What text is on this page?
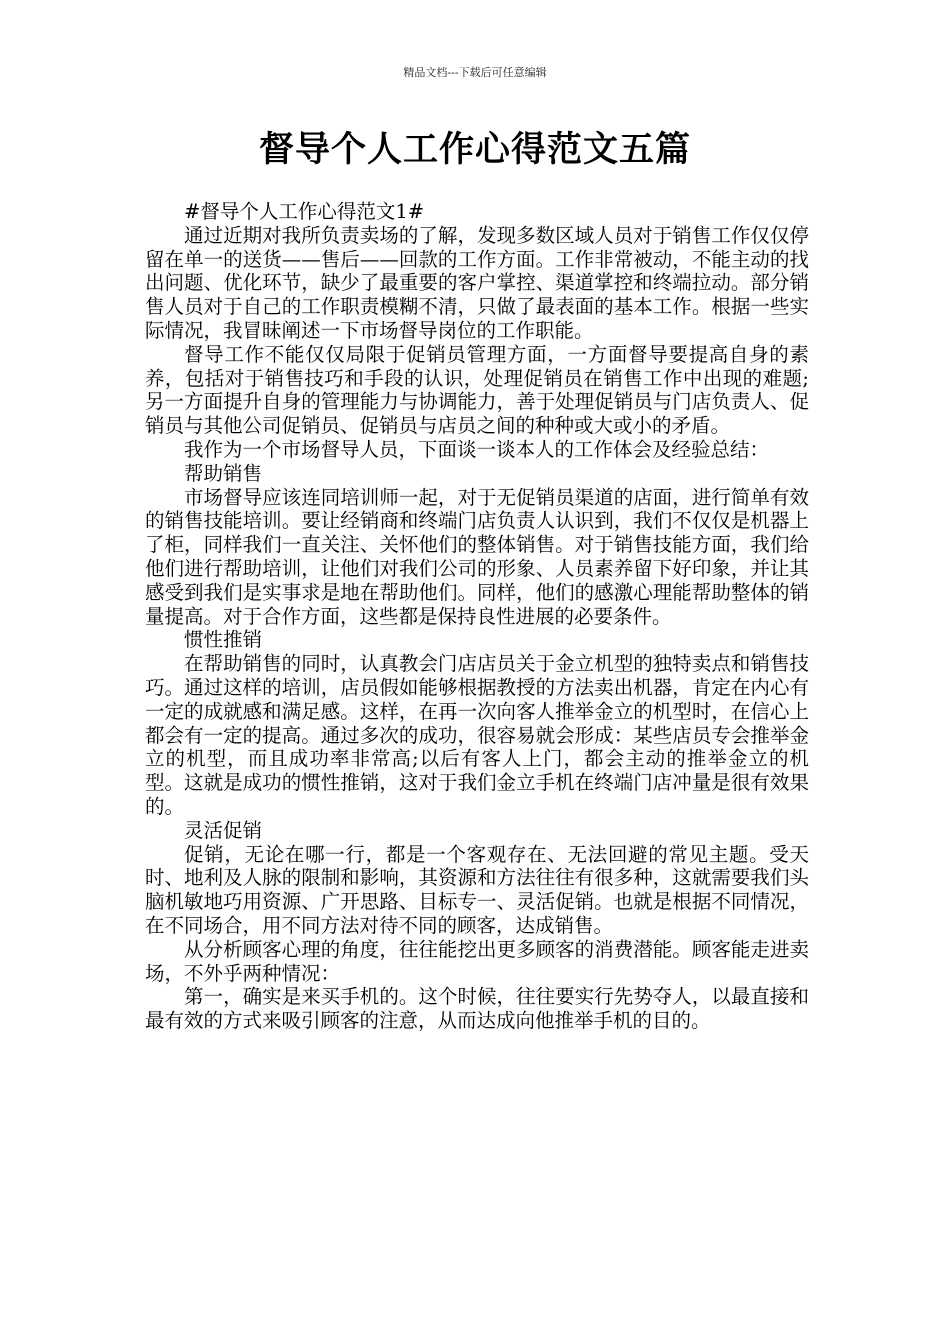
精品文档---下载后可任意编辑
督导个人工作心得范文五篇

#督导个人工作心得范文1#

通过近期对我所负责卖场的了解，发现多数区域人员对于销售工作仅仅停留在单一的送货——售后——回款的工作方面。工作非常被动，不能主动的找出问题、优化环节，缺少了最重要的客户掌控、渠道掌控和终端拉动。部分销售人员对于自己的工作职责模糊不清，只做了最表面的基本工作。根据一些实际情况，我冒昧阐述一下市场督导岗位的工作职能。

督导工作不能仅仅局限于促销员管理方面，一方面督导要提高自身的素养，包括对于销售技巧和手段的认识，处理促销员在销售工作中出现的难题;另一方面提升自身的管理能力与协调能力，善于处理促销员与门店负责人、促销员与其他公司促销员、促销员与店员之间的种种或大或小的矛盾。

我作为一个市场督导人员，下面谈一谈本人的工作体会及经验总结：

帮助销售

市场督导应该连同培训师一起，对于无促销员渠道的店面，进行简单有效的销售技能培训。要让经销商和终端门店负责人认识到，我们不仅仅是机器上了柜，同样我们一直关注、关怀他们的整体销售。对于销售技能方面，我们给他们进行帮助培训，让他们对我们公司的形象、人员素养留下好印象，并让其感受到我们是实事求是地在帮助他们。同样，他们的感激心理能帮助整体的销量提高。对于合作方面，这些都是保持良性进展的必要条件。

惯性推销

在帮助销售的同时，认真教会门店店员关于金立机型的独特卖点和销售技巧。通过这样的培训，店员假如能够根据教授的方法卖出机器，肯定在内心有一定的成就感和满足感。这样，在再一次向客人推举金立的机型时，在信心上都会有一定的提高。通过多次的成功，很容易就会形成：某些店员专会推举金立的机型，而且成功率非常高;以后有客人上门，都会主动的推举金立的机型。这就是成功的惯性推销，这对于我们金立手机在终端门店冲量是很有效果的。

灵活促销

促销，无论在哪一行，都是一个客观存在、无法回避的常见主题。受天时、地利及人脉的限制和影响，其资源和方法往往有很多种，这就需要我们头脑机敏地巧用资源、广开思路、目标专一、灵活促销。也就是根据不同情况，在不同场合，用不同方法对待不同的顾客，达成销售。

从分析顾客心理的角度，往往能挖出更多顾客的消费潜能。顾客能走进卖场，不外乎两种情况：

第一，确实是来买手机的。这个时候，往往要实行先势夺人，以最直接和最有效的方式来吸引顾客的注意，从而达成向他推举手机的目的。
